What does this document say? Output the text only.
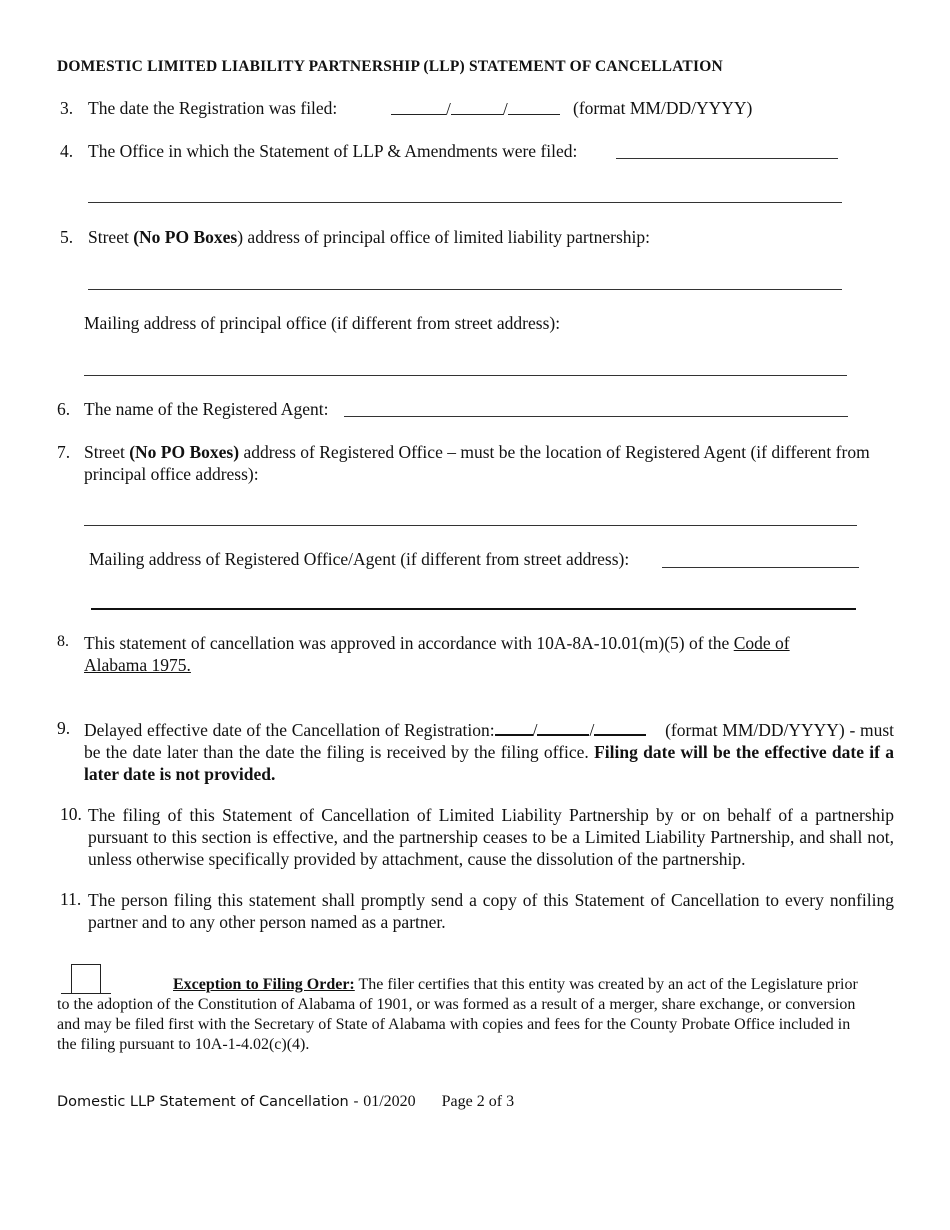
DOMESTIC LIMITED LIABILITY PARTNERSHIP (LLP) STATEMENT OF CANCELLATION
3. The date the Registration was filed:	/	/	(format MM/DD/YYYY)
4. The Office in which the Statement of LLP & Amendments were filed:
5. Street (No PO Boxes) address of principal office of limited liability partnership:
Mailing address of principal office (if different from street address):
6. The name of the Registered Agent:
7. Street (No PO Boxes) address of Registered Office – must be the location of Registered Agent (if different from principal office address):
Mailing address of Registered Office/Agent (if different from street address):
8. This statement of cancellation was approved in accordance with 10A-8A-10.01(m)(5) of the Code of Alabama 1975.
9. Delayed effective date of the Cancellation of Registration: /	/	(format MM/DD/YYYY) - must be the date later than the date the filing is received by the filing office. Filing date will be the effective date if a later date is not provided.
10. The filing of this Statement of Cancellation of Limited Liability Partnership by or on behalf of a partnership pursuant to this section is effective, and the partnership ceases to be a Limited Liability Partnership, and shall not, unless otherwise specifically provided by attachment, cause the dissolution of the partnership.
11. The person filing this statement shall promptly send a copy of this Statement of Cancellation to every nonfiling partner and to any other person named as a partner.
Exception to Filing Order: The filer certifies that this entity was created by an act of the Legislature prior to the adoption of the Constitution of Alabama of 1901, or was formed as a result of a merger, share exchange, or conversion and may be filed first with the Secretary of State of Alabama with copies and fees for the County Probate Office included in the filing pursuant to 10A-1-4.02(c)(4).
Domestic LLP Statement of Cancellation - 01/2020 Page 2 of 3
